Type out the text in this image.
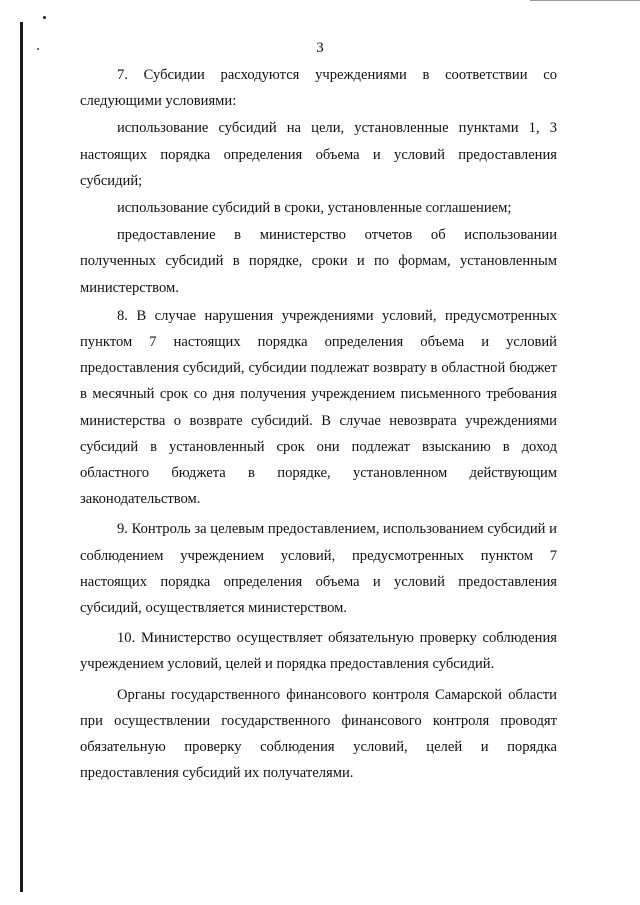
3

7. Субсидии расходуются учреждениями в соответствии со следующими условиями:

использование субсидий на цели, установленные пунктами 1, 3 настоящих порядка определения объема и условий предоставления субсидий;

использование субсидий в сроки, установленные соглашением;

предоставление в министерство отчетов об использовании полученных субсидий в порядке, сроки и по формам, установленным министерством.

8. В случае нарушения учреждениями условий, предусмотренных пунктом 7 настоящих порядка определения объема и условий предоставления субсидий, субсидии подлежат возврату в областной бюджет в месячный срок со дня получения учреждением письменного требования министерства о возврате субсидий. В случае невозврата учреждениями субсидий в установленный срок они подлежат взысканию в доход областного бюджета в порядке, установленном действующим законодательством.

9. Контроль за целевым предоставлением, использованием субсидий и соблюдением учреждением условий, предусмотренных пунктом 7 настоящих порядка определения объема и условий предоставления субсидий, осуществляется министерством.

10. Министерство осуществляет обязательную проверку соблюдения учреждением условий, целей и порядка предоставления субсидий.

Органы государственного финансового контроля Самарской области при осуществлении государственного финансового контроля проводят обязательную проверку соблюдения условий, целей и порядка предоставления субсидий их получателями.
